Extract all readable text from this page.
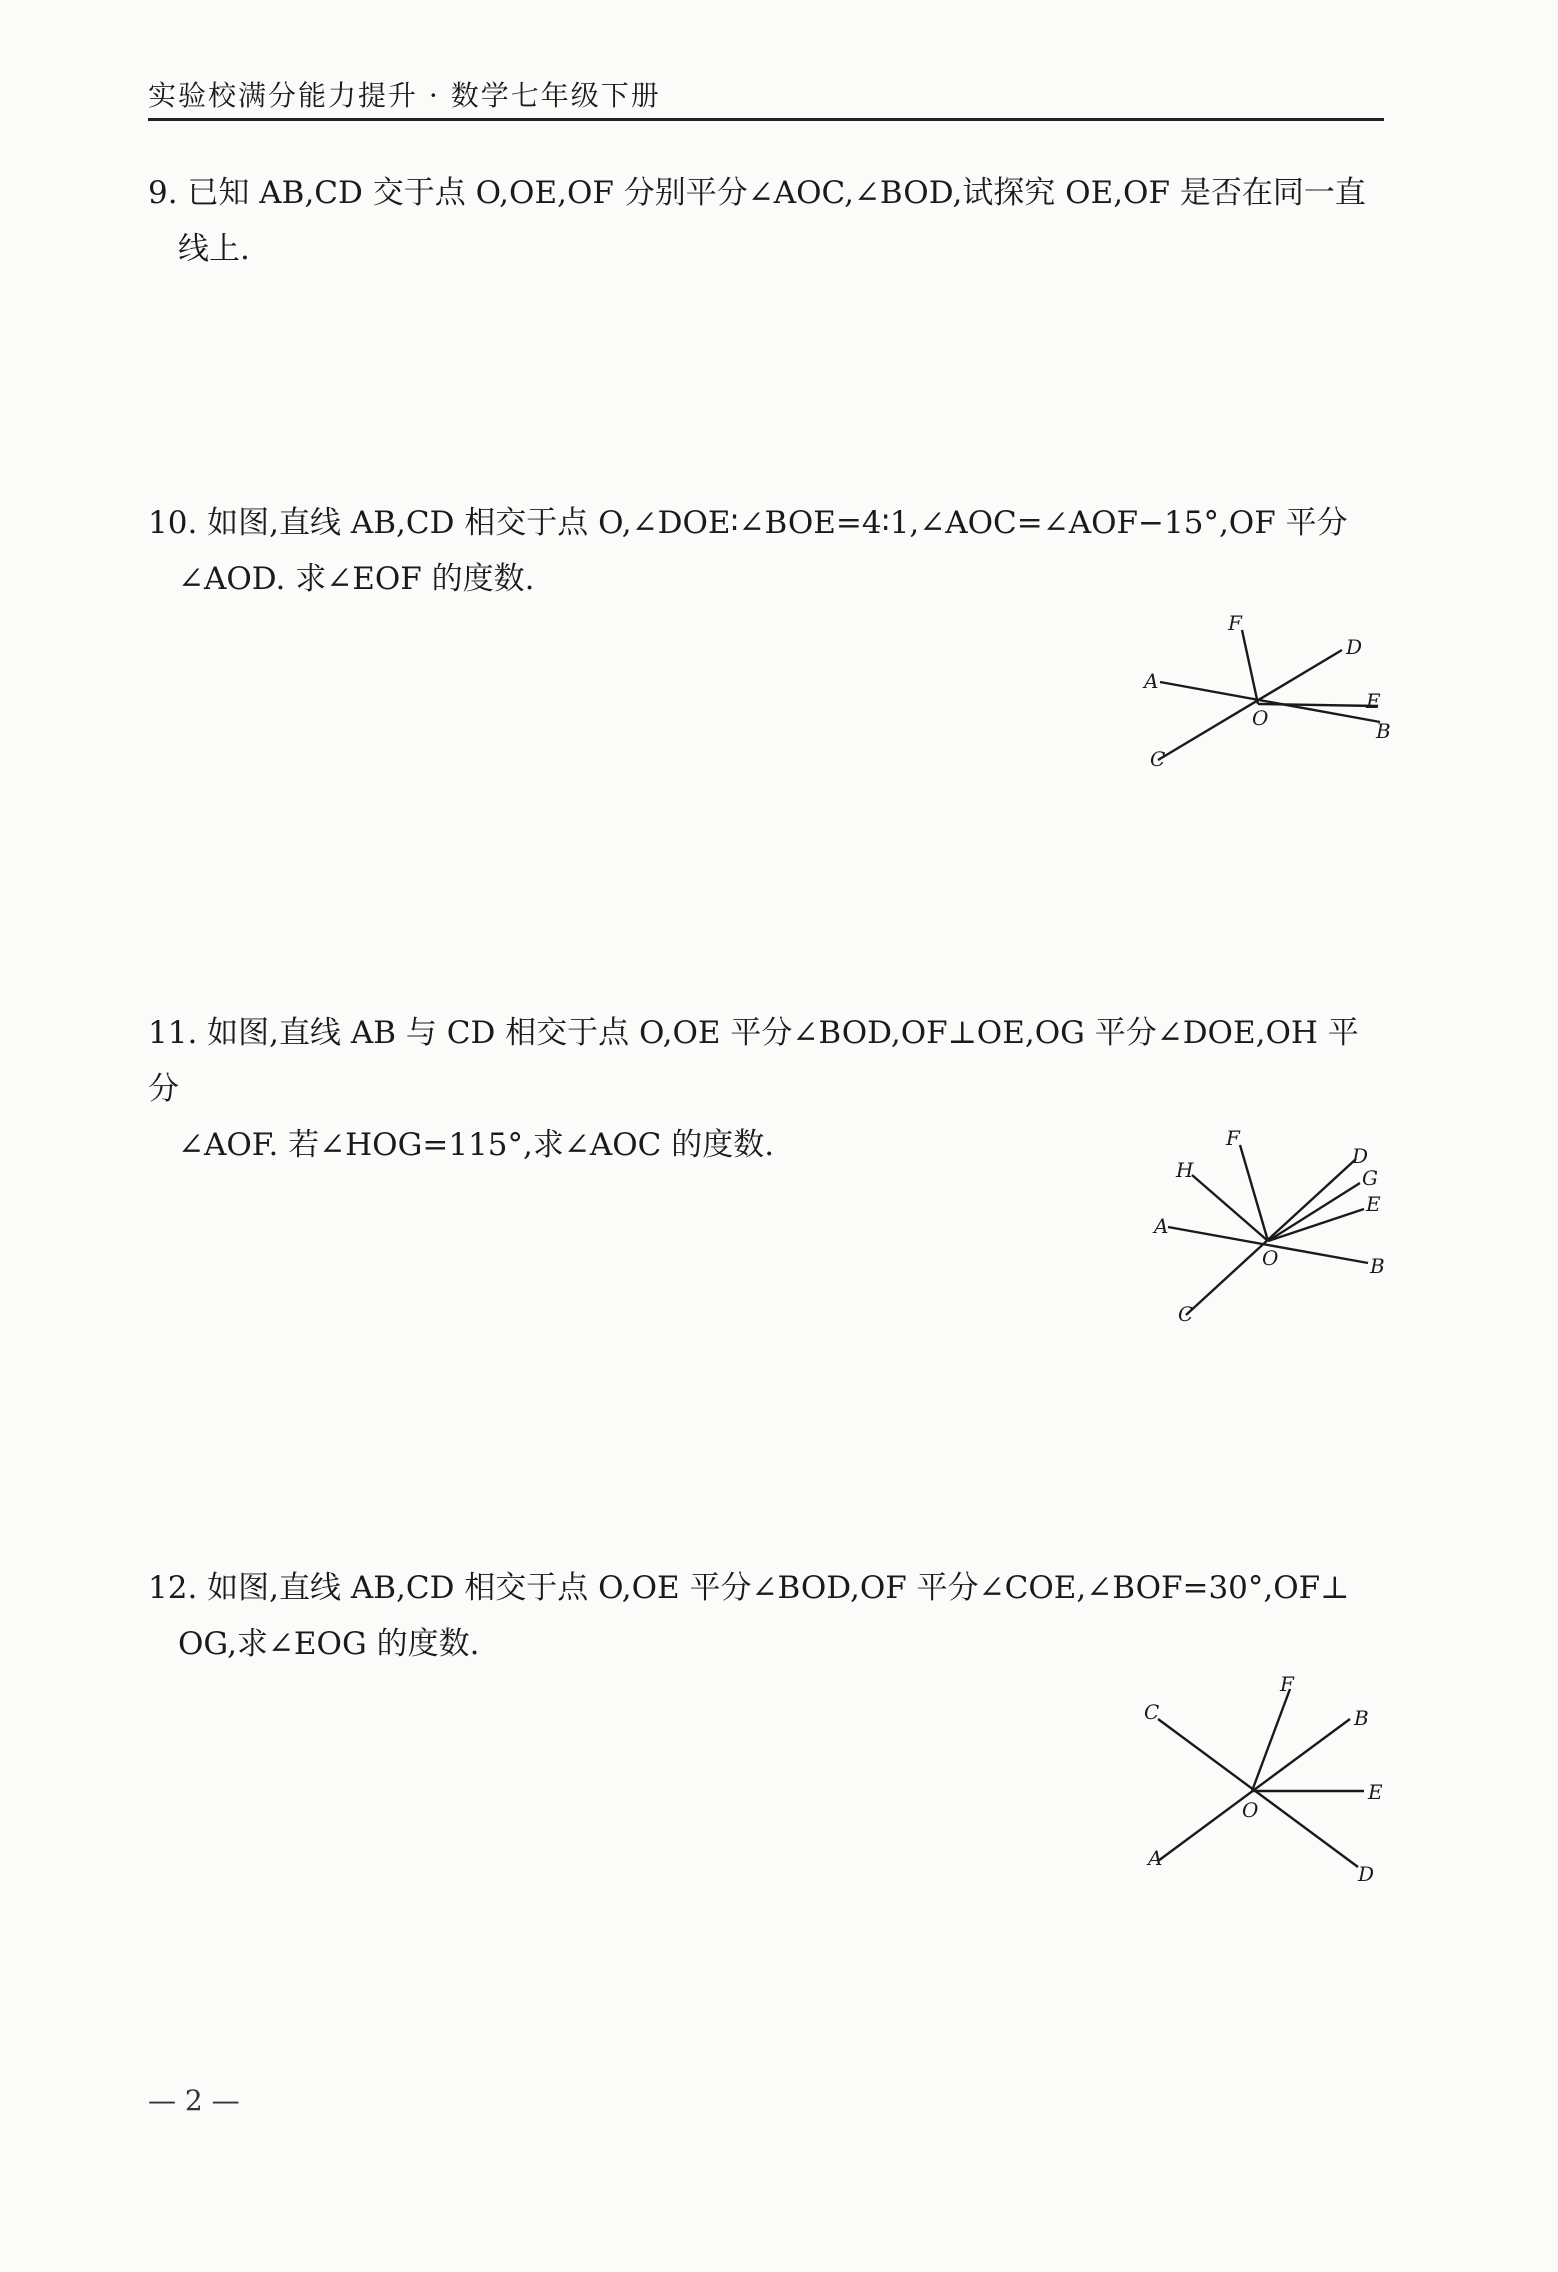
实验校满分能力提升 · 数学七年级下册
9. 已知 AB,CD 交于点 O,OE,OF 分别平分∠AOC,∠BOD,试探究 OE,OF 是否在同一直
线上.
10. 如图,直线 AB,CD 相交于点 O,∠DOE∶∠BOE=4∶1,∠AOC=∠AOF−15°,OF 平分
∠AOD. 求∠EOF 的度数.
A
B
C
D
E
F
O
11. 如图,直线 AB 与 CD 相交于点 O,OE 平分∠BOD,OF⊥OE,OG 平分∠DOE,OH 平分
∠AOF. 若∠HOG=115°,求∠AOC 的度数.
A
B
C
D
E
F
G
H
O
12. 如图,直线 AB,CD 相交于点 O,OE 平分∠BOD,OF 平分∠COE,∠BOF=30°,OF⊥
OG,求∠EOG 的度数.
A
B
C
D
E
F
O
— 2 —
